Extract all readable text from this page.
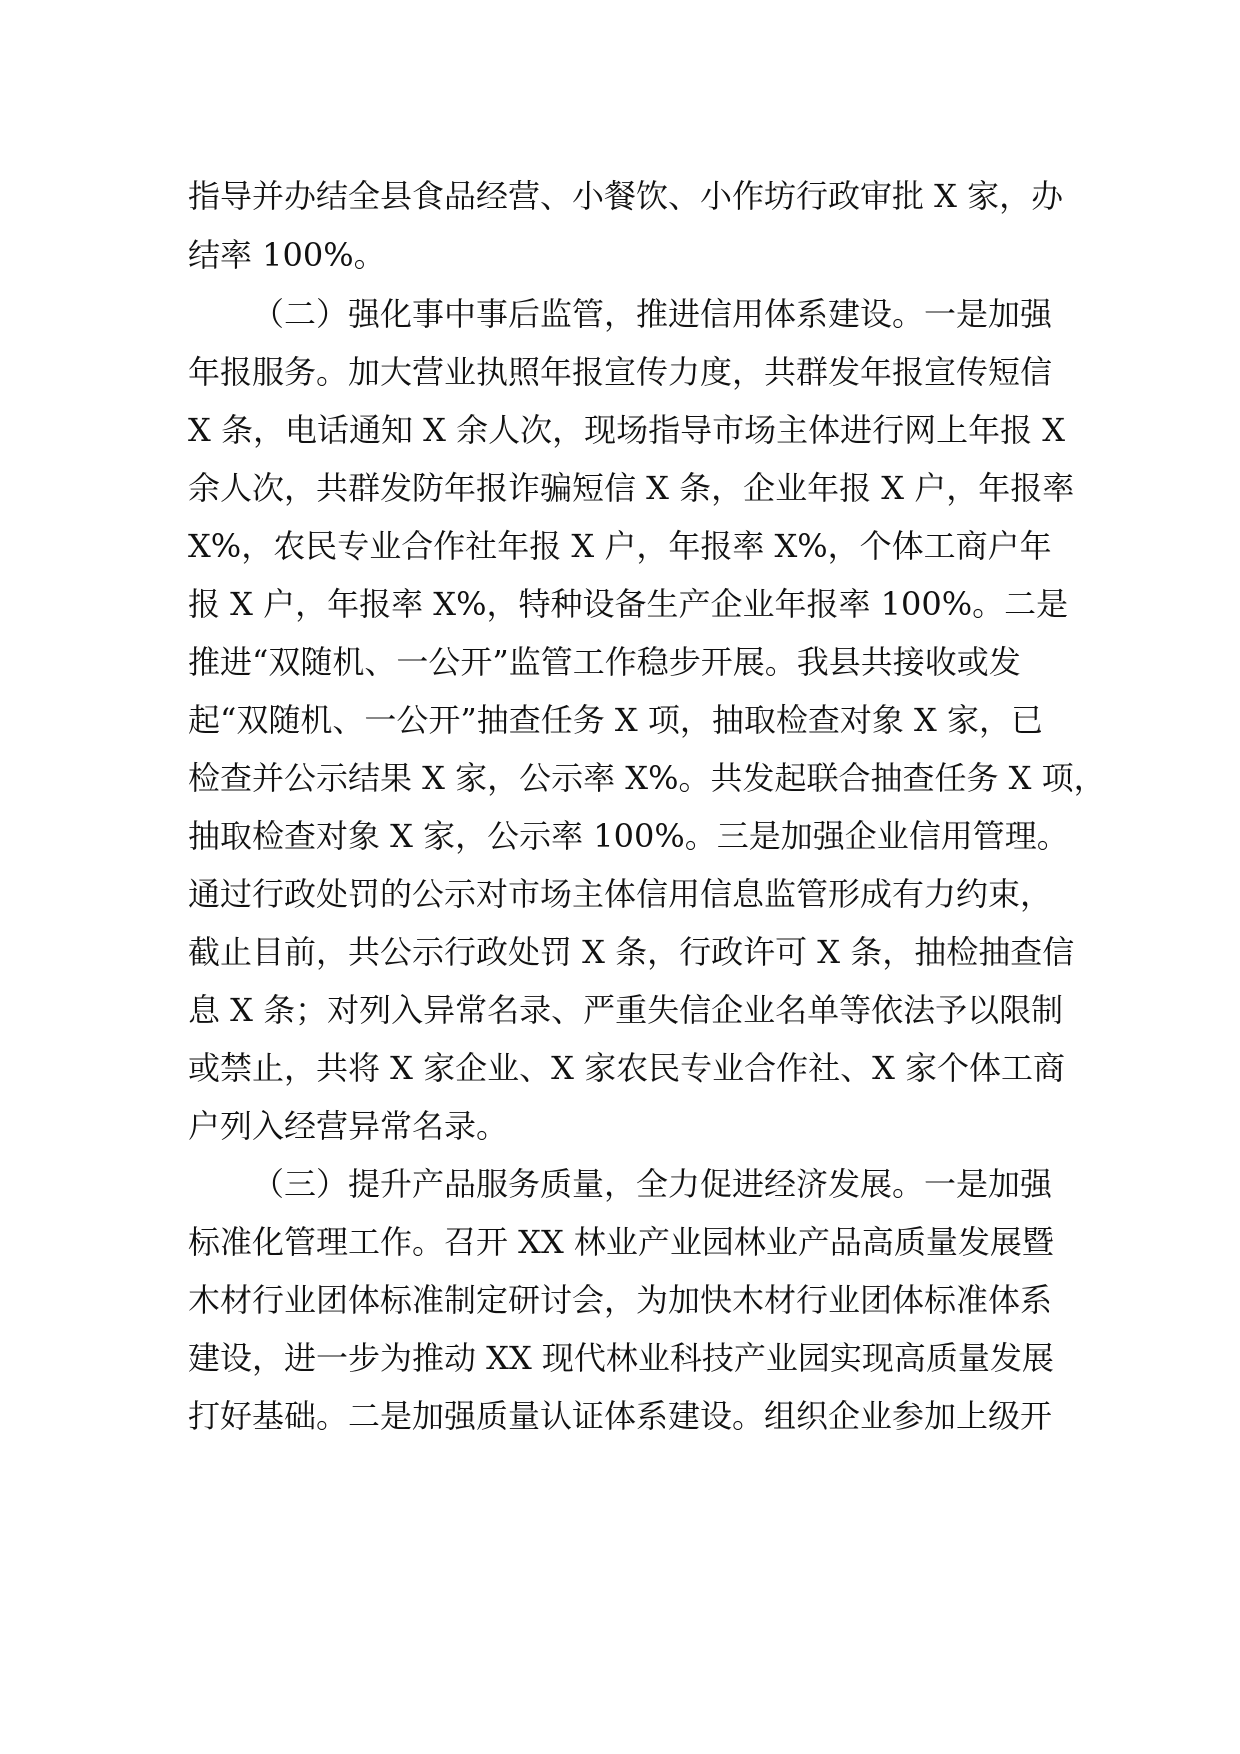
指导并办结全县食品经营、小餐饮、小作坊行政审批 X 家，办
结率 100%。
（二）强化事中事后监管，推进信用体系建设。一是加强
年报服务。加大营业执照年报宣传力度，共群发年报宣传短信
X 条，电话通知 X 余人次，现场指导市场主体进行网上年报 X
余人次，共群发防年报诈骗短信 X 条，企业年报 X 户，年报率
X%，农民专业合作社年报 X 户，年报率 X%，个体工商户年
报 X 户，年报率 X%，特种设备生产企业年报率 100%。二是
推进“双随机、一公开”监管工作稳步开展。我县共接收或发
起“双随机、一公开”抽查任务 X 项，抽取检查对象 X 家，已
检查并公示结果 X 家，公示率 X%。共发起联合抽查任务 X 项，
抽取检查对象 X 家，公示率 100%。三是加强企业信用管理。
通过行政处罚的公示对市场主体信用信息监管形成有力约束，
截止目前，共公示行政处罚 X 条，行政许可 X 条，抽检抽查信
息 X 条；对列入异常名录、严重失信企业名单等依法予以限制
或禁止，共将 X 家企业、X 家农民专业合作社、X 家个体工商
户列入经营异常名录。
（三）提升产品服务质量，全力促进经济发展。一是加强
标准化管理工作。召开 XX 林业产业园林业产品高质量发展暨
木材行业团体标准制定研讨会，为加快木材行业团体标准体系
建设，进一步为推动 XX 现代林业科技产业园实现高质量发展
打好基础。二是加强质量认证体系建设。组织企业参加上级开
